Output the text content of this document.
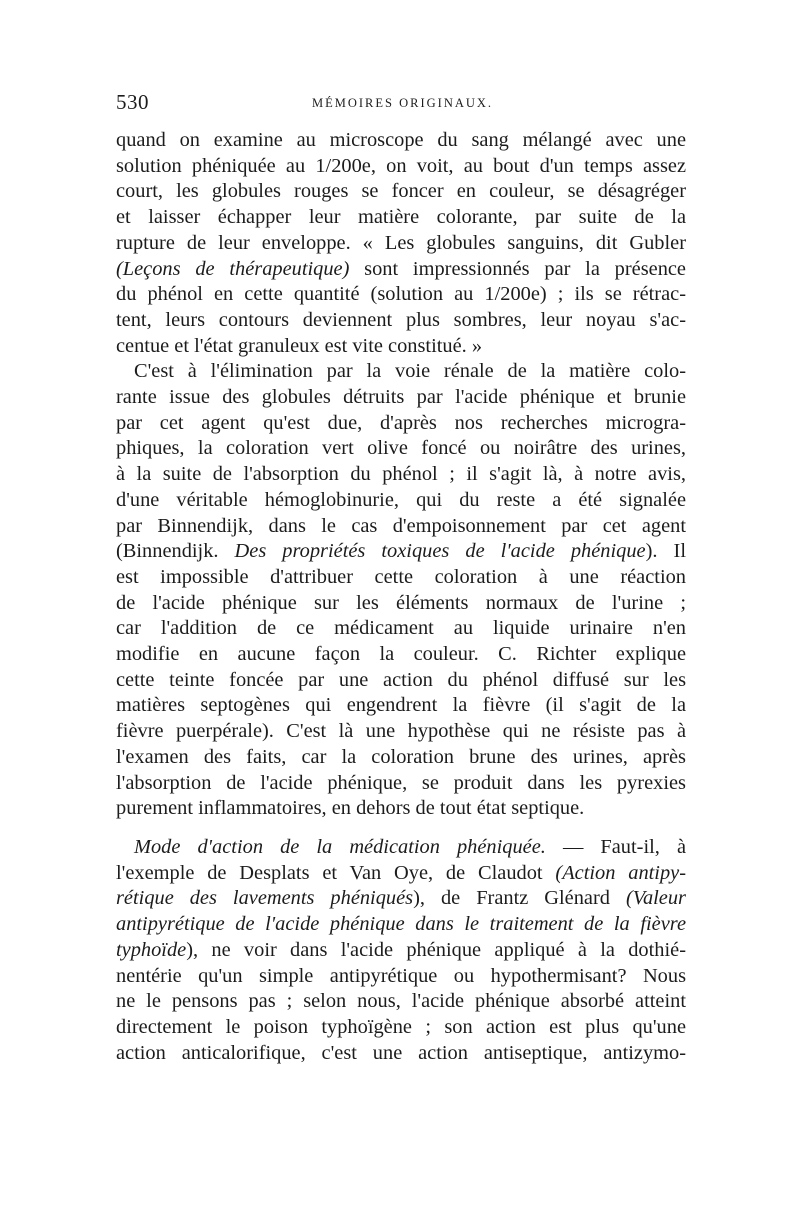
530	MÉMOIRES ORIGINAUX.
quand on examine au microscope du sang mélangé avec une
solution phéniquée au 1/200e, on voit, au bout d'un temps assez
court, les globules rouges se foncer en couleur, se désagréger
et laisser échapper leur matière colorante, par suite de la
rupture de leur enveloppe. « Les globules sanguins, dit Gubler
(Leçons de thérapeutique) sont impressionnés par la présence
du phénol en cette quantité (solution au 1/200e) ; ils se rétrac-
tent, leurs contours deviennent plus sombres, leur noyau s'ac-
centue et l'état granuleux est vite constitué. »
C'est à l'élimination par la voie rénale de la matière colo-
rante issue des globules détruits par l'acide phénique et brunie
par cet agent qu'est due, d'après nos recherches microgra-
phiques, la coloration vert olive foncé ou noirâtre des urines,
à la suite de l'absorption du phénol ; il s'agit là, à notre avis,
d'une véritable hémoglobinurie, qui du reste a été signalée
par Binnendijk, dans le cas d'empoisonnement par cet agent
(Binnendijk. Des propriétés toxiques de l'acide phénique). Il
est impossible d'attribuer cette coloration à une réaction
de l'acide phénique sur les éléments normaux de l'urine ;
car l'addition de ce médicament au liquide urinaire n'en
modifie en aucune façon la couleur. C. Richter explique
cette teinte foncée par une action du phénol diffusé sur les
matières septogènes qui engendrent la fièvre (il s'agit de la
fièvre puerpérale). C'est là une hypothèse qui ne résiste pas à
l'examen des faits, car la coloration brune des urines, après
l'absorption de l'acide phénique, se produit dans les pyrexies
purement inflammatoires, en dehors de tout état septique.
Mode d'action de la médication phéniquée. — Faut-il, à
l'exemple de Desplats et Van Oye, de Claudot (Action antipy-
rétique des lavements phéniqués), de Frantz Glénard (Valeur
antipyrétique de l'acide phénique dans le traitement de la fièvre
typhoïde), ne voir dans l'acide phénique appliqué à la dothié-
nentérie qu'un simple antipyrétique ou hypothermisant? Nous
ne le pensons pas ; selon nous, l'acide phénique absorbé atteint
directement le poison typhoïgène ; son action est plus qu'une
action anticalorifique, c'est une action antiseptique, antizymo-
